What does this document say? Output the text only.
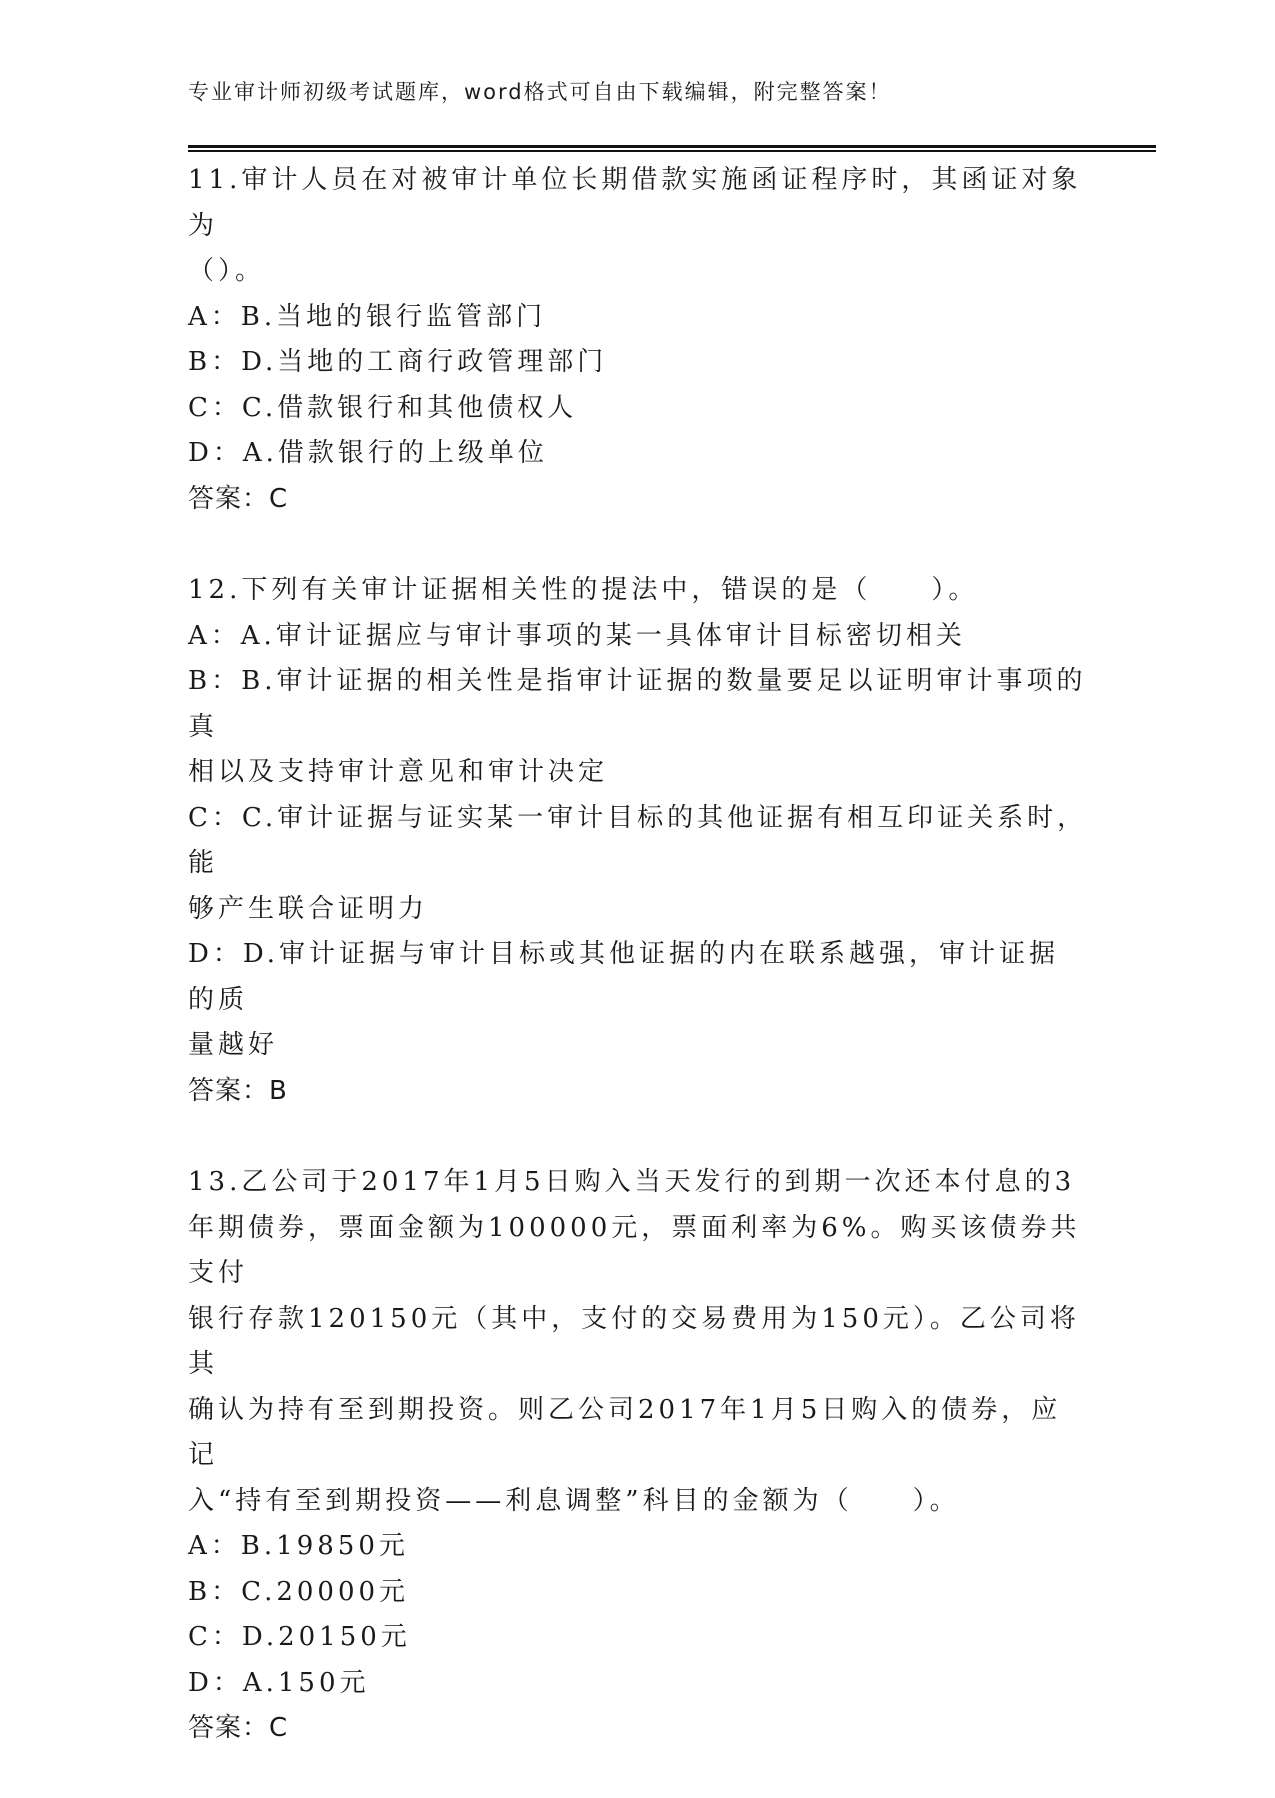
专业审计师初级考试题库，word格式可自由下载编辑，附完整答案！
11.审计人员在对被审计单位长期借款实施函证程序时，其函证对象为
（）。
A：B.当地的银行监管部门
B：D.当地的工商行政管理部门
C：C.借款银行和其他债权人
D：A.借款银行的上级单位
答案：C
12.下列有关审计证据相关性的提法中，错误的是（　　）。
A：A.审计证据应与审计事项的某一具体审计目标密切相关
B：B.审计证据的相关性是指审计证据的数量要足以证明审计事项的真
相以及支持审计意见和审计决定
C：C.审计证据与证实某一审计目标的其他证据有相互印证关系时，能
够产生联合证明力
D：D.审计证据与审计目标或其他证据的内在联系越强，审计证据的质
量越好
答案：B
13.乙公司于2017年1月5日购入当天发行的到期一次还本付息的3
年期债券，票面金额为100000元，票面利率为6%。购买该债券共支付
银行存款120150元（其中，支付的交易费用为150元）。乙公司将其
确认为持有至到期投资。则乙公司2017年1月5日购入的债券，应记
入“持有至到期投资——利息调整”科目的金额为（　　）。
A：B.19850元
B：C.20000元
C：D.20150元
D：A.150元
答案：C
